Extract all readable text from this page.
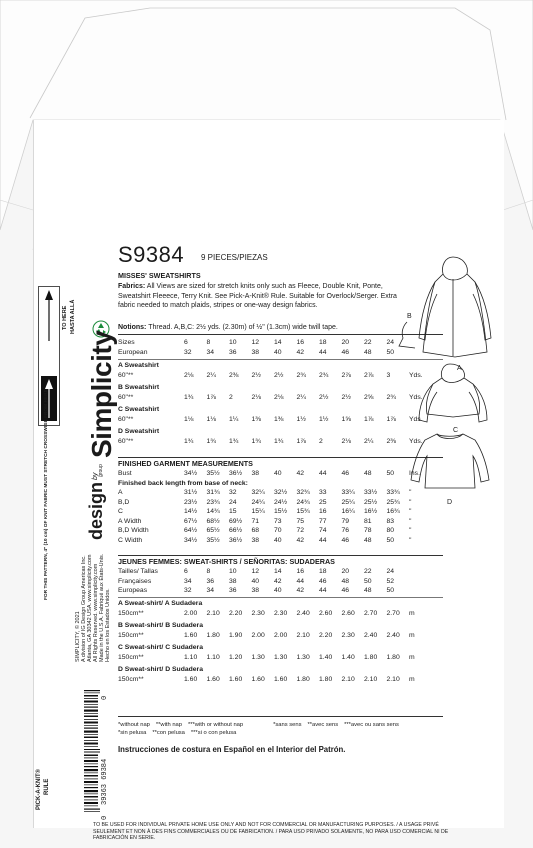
TO HERE HASTA ALLÁ
FOR THIS PATTERN, 4" (10 cm) OF KNIT FABRIC MUST STRETCH CROSSWISE FROM HERE Simplicity
by
design group
SIMPLICITY, © 2021 A division of IG Design Group Americas Inc. Atlanta, GA 30342 USA. www.simplicity.com All Rights Reserved. www.simplicity.com Made in the U.S.A. Fabriqué aux États-Unis. Hecho en los Estados Unidos.
PICK-A-KNIT® RULE
0
39363 69384
0
S9384 9 PIECES/PIEZAS
MISSES' SWEATSHIRTS
Fabrics: All Views are sized for stretch knits only such as Fleece, Double Knit, Ponte, Sweatshirt Fleeece, Terry Knit. See Pick-A-Knit® Rule. Suitable for Overlock/Serger. Extra fabric needed to match plaids, stripes or one-way design fabrics.
Notions: Thread. A,B,C: 2½ yds. (2.30m) of ½" (1.3cm) wide twill tape.
Sizes	6	8	10	12	14	16	18	20	22	24
European	32	34	36	38	40	42	44	46	48	50
A Sweatshirt											
60"**	2⅛	2¼	2⅜	2½	2½	2¾	2¾	2⅞	2⅞	3	Yds.
B Sweatshirt											
60"**	1¾	1⅞	2	2⅛	2⅛	2¼	2½	2½	2⅝	2¾	Yds.
C Sweatshirt											
60"**	1⅛	1⅛	1¼	1⅜	1⅜	1½	1½	1⅝	1⅞	1⅞	Yds.
D Sweatshirt											
60"**	1¾	1¾	1¾	1¾	1¾	1⅞	2	2⅛	2¼	2⅜	Yds.
FINISHED GARMENT MEASUREMENTS
Bust	34½	35½	36½	38	40	42	44	46	48	50	Ins.
Finished back length from base of neck:											
A	31½	31¾	32	32¼	32½	32¾	33	33¼	33½	33¾	"
B,D	23½	23¾	24	24¼	24½	24¾	25	25¼	25½	25¾	"
C	14½	14¾	15	15¼	15½	15¾	16	16¼	16½	16¾	"
A Width	67½	68½	69½	71	73	75	77	79	81	83	"
B,D Width	64½	65½	66½	68	70	72	74	76	78	80	"
C Width	34½	35½	36½	38	40	42	44	46	48	50	"
JEUNES FEMMES: SWEAT-SHIRTS / SEÑORITAS: SUDADERAS
Tailles/ Tallas	6	8	10	12	14	16	18	20	22	24
Françaises	34	36	38	40	42	44	46	48	50	52
Europeas	32	34	36	38	40	42	44	46	48	50
A Sweat-shirt/ A Sudadera											
150cm**	2.00	2.10	2.20	2.30	2.30	2.40	2.60	2.60	2.70	2.70	m
B Sweat-shirt/ B Sudadera											
150cm**	1.60	1.80	1.90	2.00	2.00	2.10	2.20	2.30	2.40	2.40	m
C Sweat-shirt/ C Sudadera											
150cm**	1.10	1.10	1.20	1.30	1.30	1.30	1.40	1.40	1.80	1.80	m
D Sweat-shirt/ D Sudadera											
150cm**	1.60	1.60	1.60	1.60	1.60	1.80	1.80	2.10	2.10	2.10	m
*without nap **with nap ***with or without nap	*sans sens **avec sens ***avec ou sans sens
*sin pelusa **con pelusa ***si o con pelusa
Instrucciones de costura en Español en el Interior del Patrón.
B
A
C
D
TO BE USED FOR INDIVIDUAL PRIVATE HOME USE ONLY AND NOT FOR COMMERCIAL OR MANUFACTURING PURPOSES. / A USAGE PRIVÉ SEULEMENT ET NON À DES FINS COMMERCIALES OU DE FABRICATION. / PARA USO PRIVADO SOLAMENTE, NO PARA USO COMERCIAL NI DE FABRICACIÓN EN SERIE.
